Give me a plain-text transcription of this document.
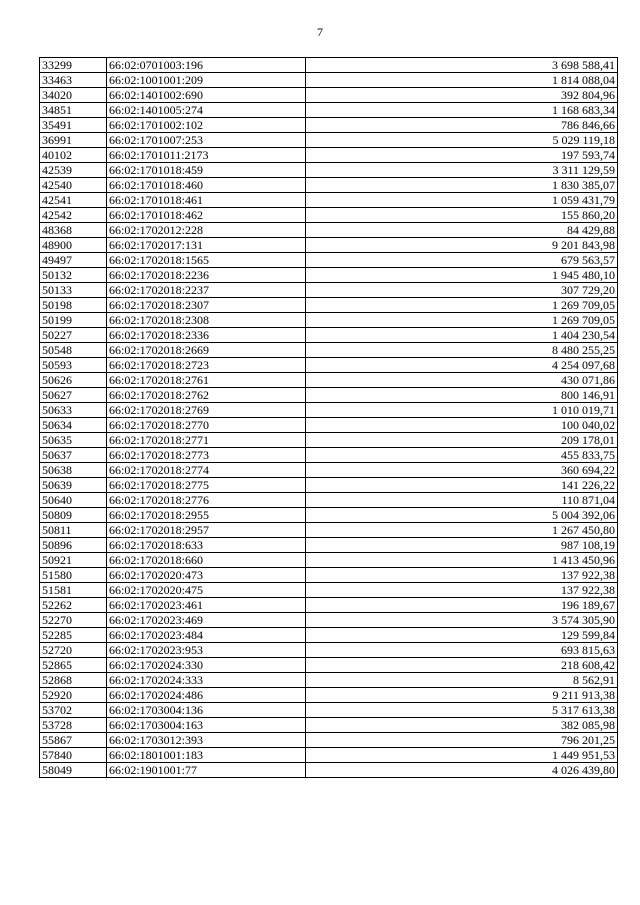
7
33299	66:02:0701003:196	3 698 588,41
33463	66:02:1001001:209	1 814 088,04
34020	66:02:1401002:690	392 804,96
34851	66:02:1401005:274	1 168 683,34
35491	66:02:1701002:102	786 846,66
36991	66:02:1701007:253	5 029 119,18
40102	66:02:1701011:2173	197 593,74
42539	66:02:1701018:459	3 311 129,59
42540	66:02:1701018:460	1 830 385,07
42541	66:02:1701018:461	1 059 431,79
42542	66:02:1701018:462	155 860,20
48368	66:02:1702012:228	84 429,88
48900	66:02:1702017:131	9 201 843,98
49497	66:02:1702018:1565	679 563,57
50132	66:02:1702018:2236	1 945 480,10
50133	66:02:1702018:2237	307 729,20
50198	66:02:1702018:2307	1 269 709,05
50199	66:02:1702018:2308	1 269 709,05
50227	66:02:1702018:2336	1 404 230,54
50548	66:02:1702018:2669	8 480 255,25
50593	66:02:1702018:2723	4 254 097,68
50626	66:02:1702018:2761	430 071,86
50627	66:02:1702018:2762	800 146,91
50633	66:02:1702018:2769	1 010 019,71
50634	66:02:1702018:2770	100 040,02
50635	66:02:1702018:2771	209 178,01
50637	66:02:1702018:2773	455 833,75
50638	66:02:1702018:2774	360 694,22
50639	66:02:1702018:2775	141 226,22
50640	66:02:1702018:2776	110 871,04
50809	66:02:1702018:2955	5 004 392,06
50811	66:02:1702018:2957	1 267 450,80
50896	66:02:1702018:633	987 108,19
50921	66:02:1702018:660	1 413 450,96
51580	66:02:1702020:473	137 922,38
51581	66:02:1702020:475	137 922,38
52262	66:02:1702023:461	196 189,67
52270	66:02:1702023:469	3 574 305,90
52285	66:02:1702023:484	129 599,84
52720	66:02:1702023:953	693 815,63
52865	66:02:1702024:330	218 608,42
52868	66:02:1702024:333	8 562,91
52920	66:02:1702024:486	9 211 913,38
53702	66:02:1703004:136	5 317 613,38
53728	66:02:1703004:163	382 085,98
55867	66:02:1703012:393	796 201,25
57840	66:02:1801001:183	1 449 951,53
58049	66:02:1901001:77	4 026 439,80
